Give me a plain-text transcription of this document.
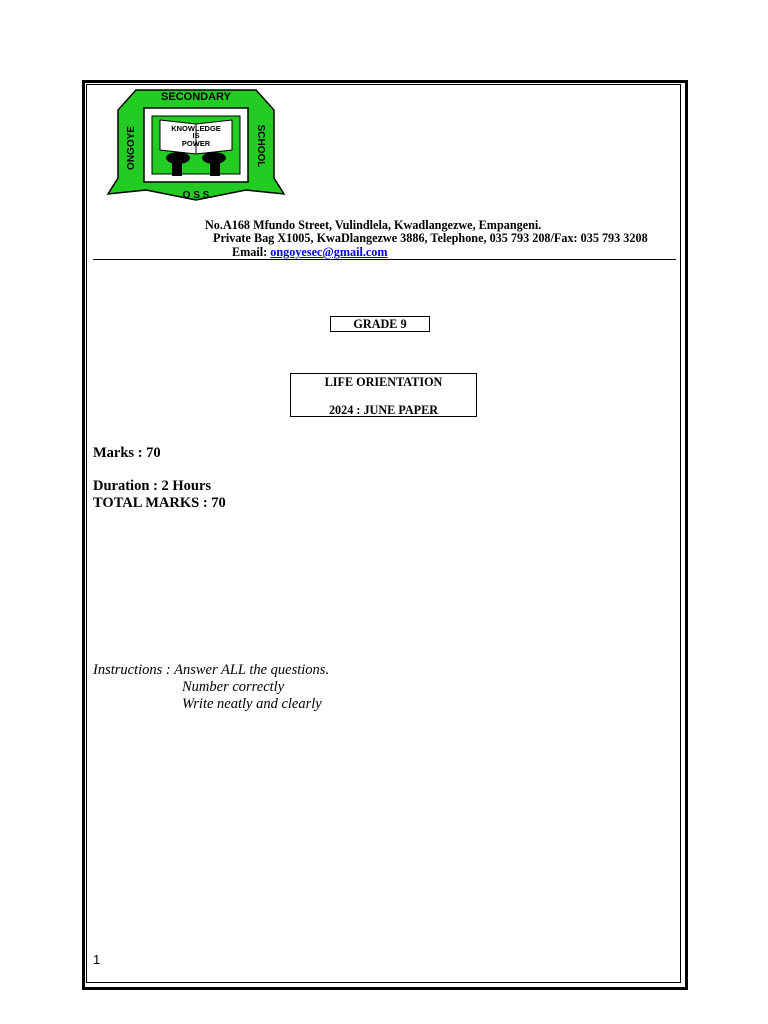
SECONDARY
ONGOYE	SCHOOL
O S S
KNOWLEDGE
IS
POWER
No.A168 Mfundo Street, Vulindlela, Kwadlangezwe, Empangeni.
Private Bag X1005, KwaDlangezwe 3886, Telephone, 035 793 208/Fax: 035 793 3208
Email: ongoyesec@gmail.com
GRADE 9
LIFE ORIENTATION
2024 : JUNE PAPER
Marks : 70
Duration : 2 Hours
TOTAL MARKS : 70
Instructions : Answer ALL the questions.
Number correctly
Write neatly and clearly
1
